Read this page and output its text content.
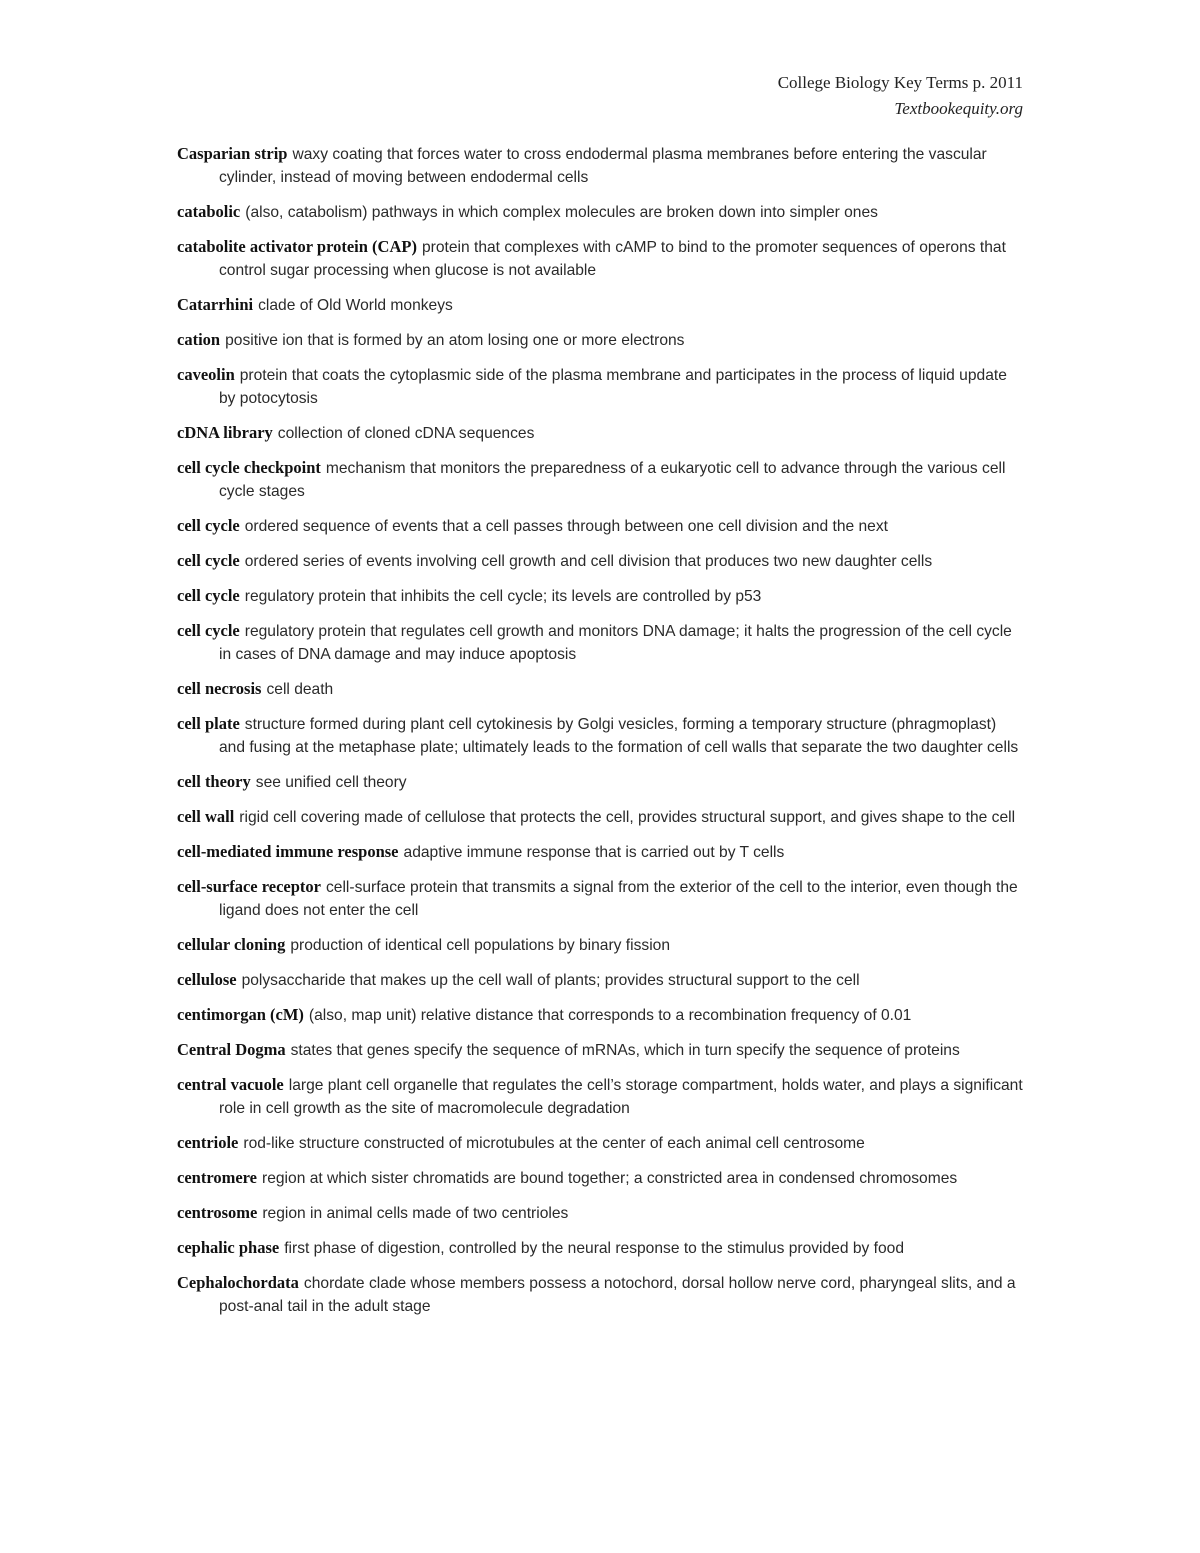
College Biology Key Terms p. 2011
Textbookequity.org

Casparian strip waxy coating that forces water to cross endodermal plasma membranes before entering the vascular cylinder, instead of moving between endodermal cells

catabolic (also, catabolism) pathways in which complex molecules are broken down into simpler ones

catabolite activator protein (CAP) protein that complexes with cAMP to bind to the promoter sequences of operons that control sugar processing when glucose is not available

Catarrhini clade of Old World monkeys

cation positive ion that is formed by an atom losing one or more electrons

caveolin protein that coats the cytoplasmic side of the plasma membrane and participates in the process of liquid update by potocytosis

cDNA library collection of cloned cDNA sequences

cell cycle checkpoint mechanism that monitors the preparedness of a eukaryotic cell to advance through the various cell cycle stages

cell cycle ordered sequence of events that a cell passes through between one cell division and the next

cell cycle ordered series of events involving cell growth and cell division that produces two new daughter cells

cell cycle regulatory protein that inhibits the cell cycle; its levels are controlled by p53

cell cycle regulatory protein that regulates cell growth and monitors DNA damage; it halts the progression of the cell cycle in cases of DNA damage and may induce apoptosis

cell necrosis cell death

cell plate structure formed during plant cell cytokinesis by Golgi vesicles, forming a temporary structure (phragmoplast) and fusing at the metaphase plate; ultimately leads to the formation of cell walls that separate the two daughter cells

cell theory see unified cell theory

cell wall rigid cell covering made of cellulose that protects the cell, provides structural support, and gives shape to the cell

cell-mediated immune response adaptive immune response that is carried out by T cells

cell-surface receptor cell-surface protein that transmits a signal from the exterior of the cell to the interior, even though the ligand does not enter the cell

cellular cloning production of identical cell populations by binary fission

cellulose polysaccharide that makes up the cell wall of plants; provides structural support to the cell

centimorgan (cM) (also, map unit) relative distance that corresponds to a recombination frequency of 0.01

Central Dogma states that genes specify the sequence of mRNAs, which in turn specify the sequence of proteins

central vacuole large plant cell organelle that regulates the cell’s storage compartment, holds water, and plays a significant role in cell growth as the site of macromolecule degradation

centriole rod-like structure constructed of microtubules at the center of each animal cell centrosome

centromere region at which sister chromatids are bound together; a constricted area in condensed chromosomes

centrosome region in animal cells made of two centrioles

cephalic phase first phase of digestion, controlled by the neural response to the stimulus provided by food

Cephalochordata chordate clade whose members possess a notochord, dorsal hollow nerve cord, pharyngeal slits, and a post-anal tail in the adult stage
